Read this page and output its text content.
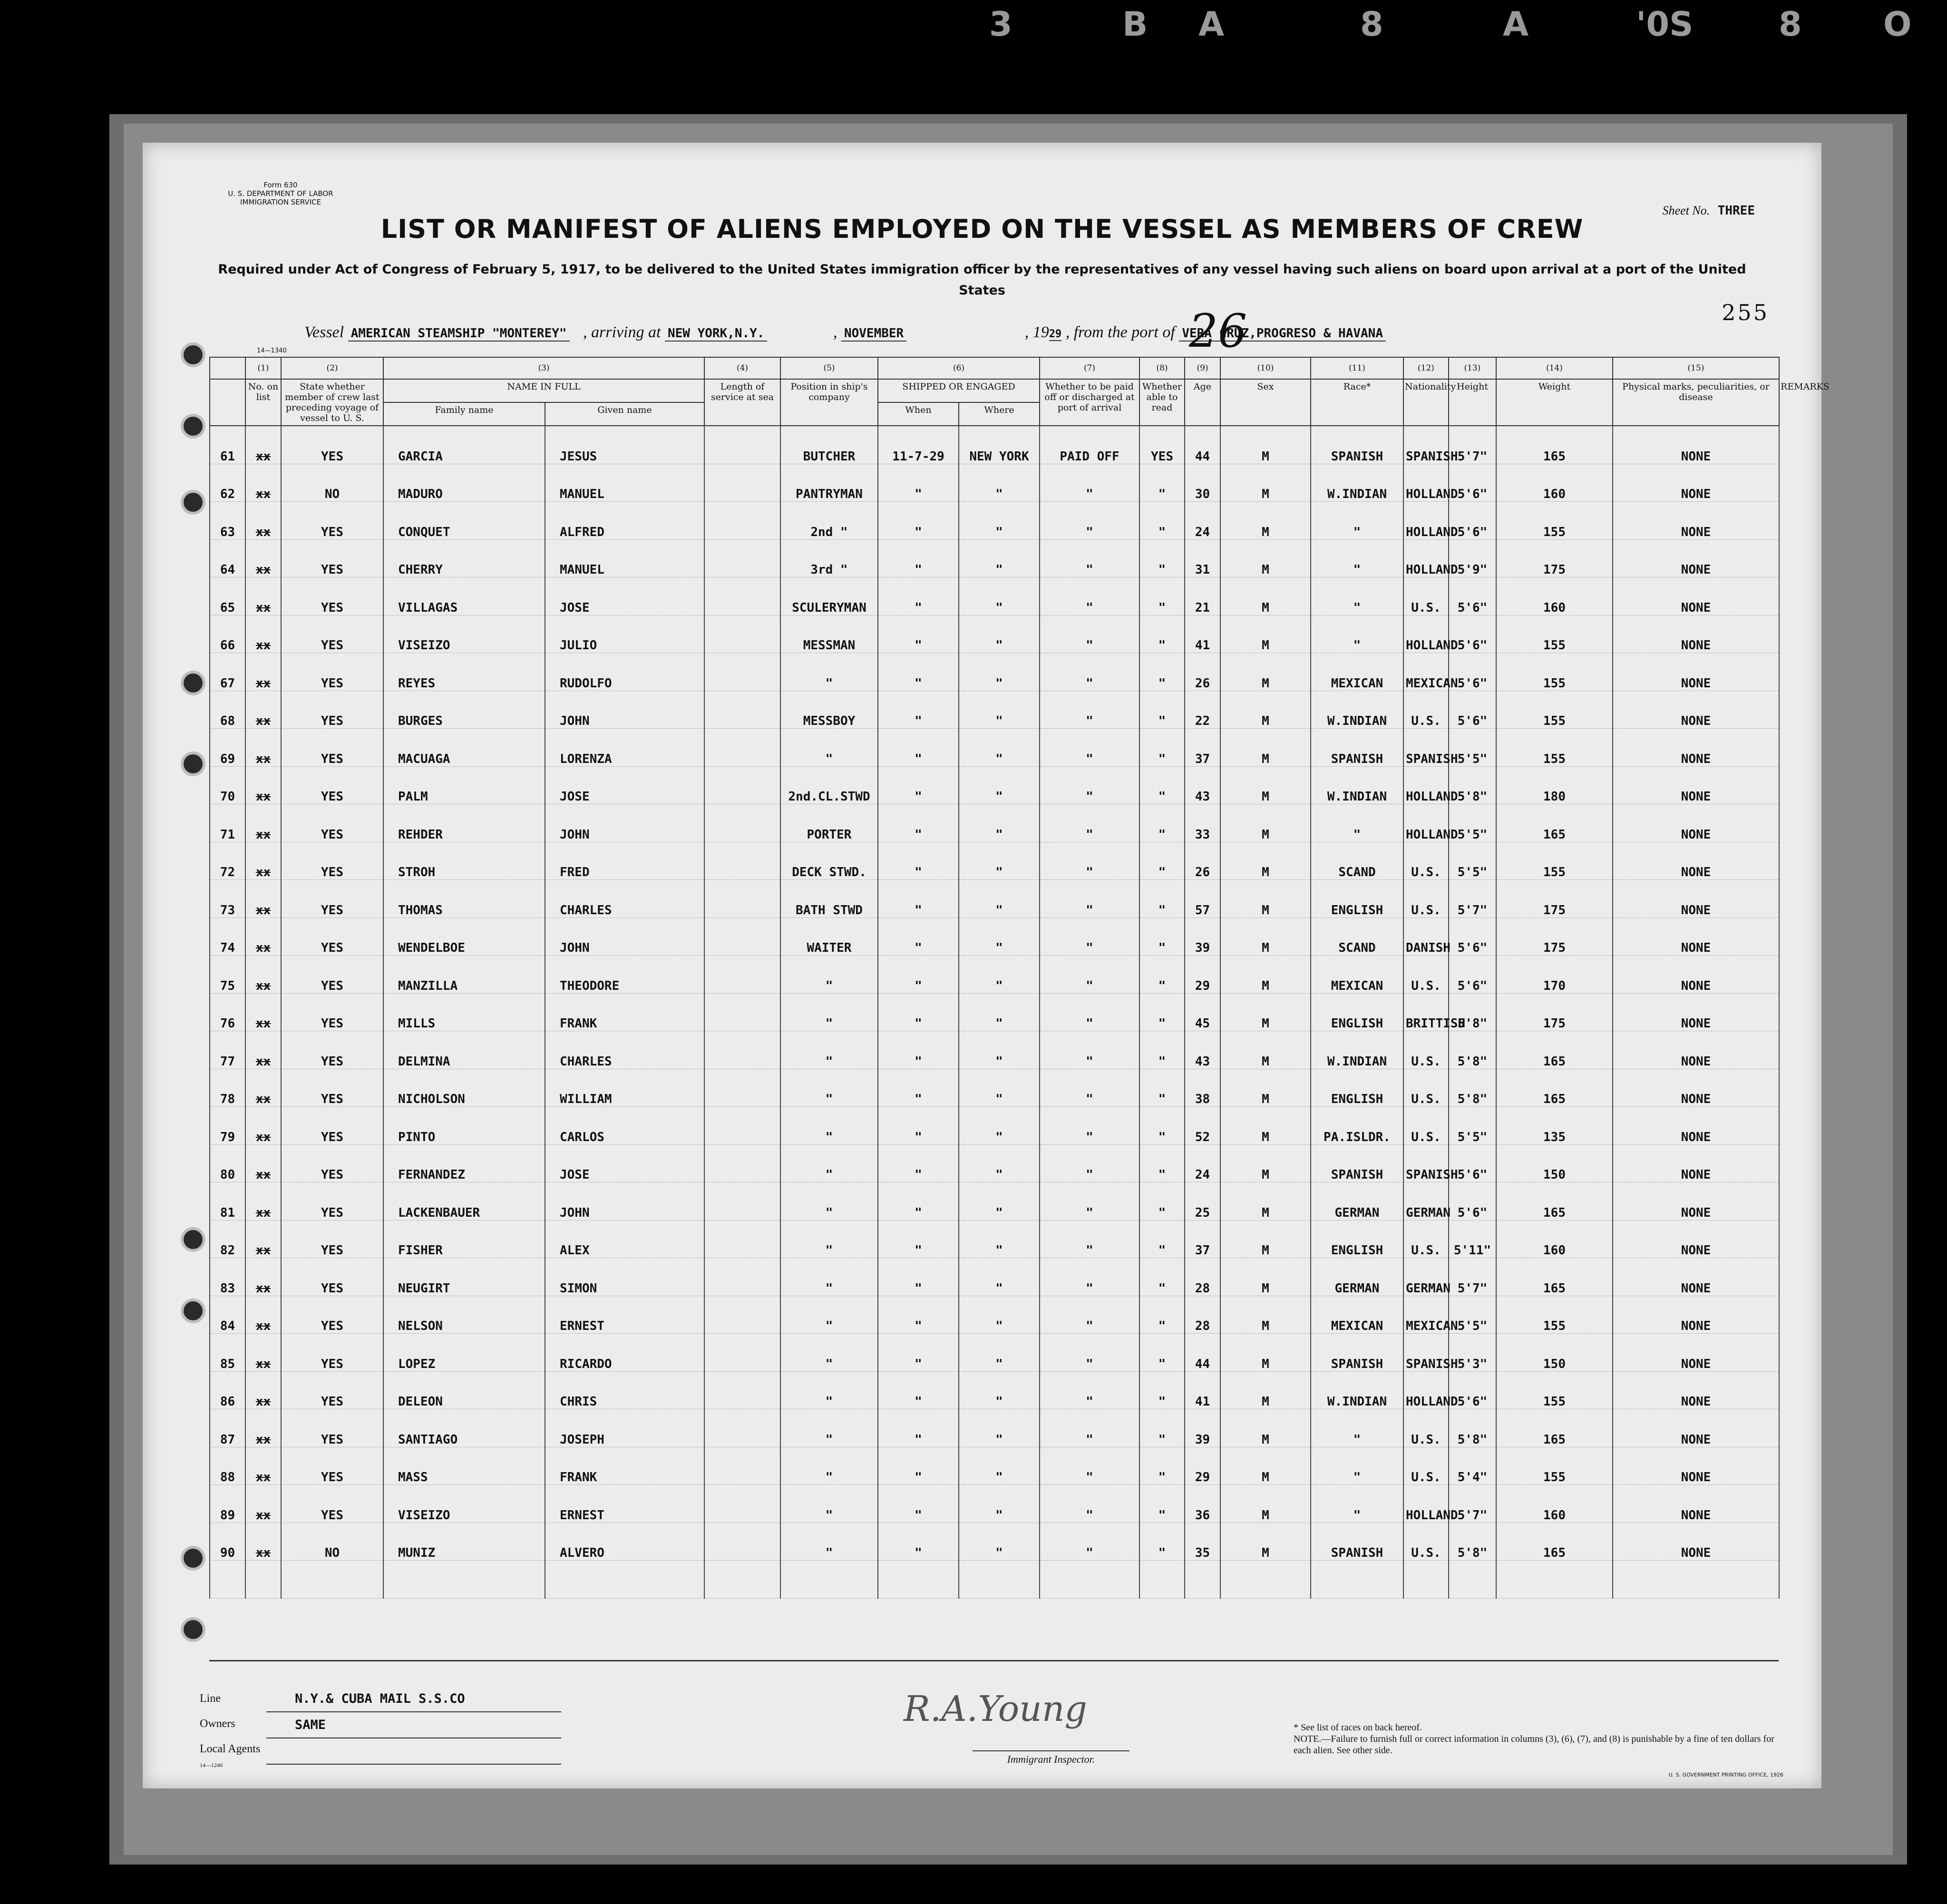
3	B A	8	A	'0S	8 O
Form 630
U. S. DEPARTMENT OF LABOR
IMMIGRATION SERVICE
Sheet No. THREE
LIST OR MANIFEST OF ALIENS EMPLOYED ON THE VESSEL AS MEMBERS OF CREW
Required under Act of Congress of February 5, 1917, to be delivered to the United States immigration officer by the representatives of any vessel having such aliens on board upon arrival at a port of the United States
Vessel AMERICAN STEAMSHIP "MONTEREY" , arriving at NEW YORK,N.Y.	, NOVEMBER	, 1929 , from the port of VERA CRUZ,PROGRESO & HAVANA
26	255
14—1340
	(1)	(2)	(3)		(4)	(5)	(6)		(7)	(8)	(9)	(10)	(11)	(12)	(13)	(14)	(15)	
	No. on list	State whether member of crew last preceding voyage of vessel to U. S.	NAME IN FULL		Length of service at sea	Position in ship's company	SHIPPED OR ENGAGED		Whether to be paid off or discharged at port of arrival	Whether able to read	Age	Sex	Race*	Nationality	Height	Weight	Physical marks, peculiarities, or disease	REMARKS
			Family name	Given name			When	Where										
61	xx	YES	GARCIA	JESUS		BUTCHER	11-7-29	NEW YORK	PAID OFF	YES	44	M	SPANISH	SPANISH	5'7"	165	NONE	
62	xx	NO	MADURO	MANUEL		PANTRYMAN	"	"	"	"	30	M	W.INDIAN	HOLLAND	5'6"	160	NONE	
63	xx	YES	CONQUET	ALFRED		2nd "	"	"	"	"	24	M	"	HOLLAND	5'6"	155	NONE	
64	xx	YES	CHERRY	MANUEL		3rd "	"	"	"	"	31	M	"	HOLLAND	5'9"	175	NONE	
65	xx	YES	VILLAGAS	JOSE		SCULERYMAN	"	"	"	"	21	M	"	U.S.	5'6"	160	NONE	
66	xx	YES	VISEIZO	JULIO		MESSMAN	"	"	"	"	41	M	"	HOLLAND	5'6"	155	NONE	
67	xx	YES	REYES	RUDOLFO		"	"	"	"	"	26	M	MEXICAN	MEXICAN	5'6"	155	NONE	
68	xx	YES	BURGES	JOHN		MESSBOY	"	"	"	"	22	M	W.INDIAN	U.S.	5'6"	155	NONE	
69	xx	YES	MACUAGA	LORENZA		"	"	"	"	"	37	M	SPANISH	SPANISH	5'5"	155	NONE	
70	xx	YES	PALM	JOSE		2nd.CL.STWD	"	"	"	"	43	M	W.INDIAN	HOLLAND	5'8"	180	NONE	
71	xx	YES	REHDER	JOHN		PORTER	"	"	"	"	33	M	"	HOLLAND	5'5"	165	NONE	
72	xx	YES	STROH	FRED		DECK STWD.	"	"	"	"	26	M	SCAND	U.S.	5'5"	155	NONE	
73	xx	YES	THOMAS	CHARLES		BATH STWD	"	"	"	"	57	M	ENGLISH	U.S.	5'7"	175	NONE	
74	xx	YES	WENDELBOE	JOHN		WAITER	"	"	"	"	39	M	SCAND	DANISH	5'6"	175	NONE	
75	xx	YES	MANZILLA	THEODORE		"	"	"	"	"	29	M	MEXICAN	U.S.	5'6"	170	NONE	
76	xx	YES	MILLS	FRANK		"	"	"	"	"	45	M	ENGLISH	BRITTISH	5'8"	175	NONE	
77	xx	YES	DELMINA	CHARLES		"	"	"	"	"	43	M	W.INDIAN	U.S.	5'8"	165	NONE	
78	xx	YES	NICHOLSON	WILLIAM		"	"	"	"	"	38	M	ENGLISH	U.S.	5'8"	165	NONE	
79	xx	YES	PINTO	CARLOS		"	"	"	"	"	52	M	PA.ISLDR.	U.S.	5'5"	135	NONE	
80	xx	YES	FERNANDEZ	JOSE		"	"	"	"	"	24	M	SPANISH	SPANISH	5'6"	150	NONE	
81	xx	YES	LACKENBAUER	JOHN		"	"	"	"	"	25	M	GERMAN	GERMAN	5'6"	165	NONE	
82	xx	YES	FISHER	ALEX		"	"	"	"	"	37	M	ENGLISH	U.S.	5'11"	160	NONE	
83	xx	YES	NEUGIRT	SIMON		"	"	"	"	"	28	M	GERMAN	GERMAN	5'7"	165	NONE	
84	xx	YES	NELSON	ERNEST		"	"	"	"	"	28	M	MEXICAN	MEXICAN	5'5"	155	NONE	
85	xx	YES	LOPEZ	RICARDO		"	"	"	"	"	44	M	SPANISH	SPANISH	5'3"	150	NONE	
86	xx	YES	DELEON	CHRIS		"	"	"	"	"	41	M	W.INDIAN	HOLLAND	5'6"	155	NONE	
87	xx	YES	SANTIAGO	JOSEPH		"	"	"	"	"	39	M	"	U.S.	5'8"	165	NONE	
88	xx	YES	MASS	FRANK		"	"	"	"	"	29	M	"	U.S.	5'4"	155	NONE	
89	xx	YES	VISEIZO	ERNEST		"	"	"	"	"	36	M	"	HOLLAND	5'7"	160	NONE	
90	xx	NO	MUNIZ	ALVERO		"	"	"	"	"	35	M	SPANISH	U.S.	5'8"	165	NONE	

Line
Owners
Local Agents
14—1240
N.Y.& CUBA MAIL S.S.CO
SAME
	R.A.Young
Immigrant Inspector.
* See list of races on back hereof.
NOTE.—Failure to furnish full or correct information in columns (3), (6), (7), and (8) is punishable by a fine of ten dollars for each alien. See other side.
U. S. GOVERNMENT PRINTING OFFICE, 1926
